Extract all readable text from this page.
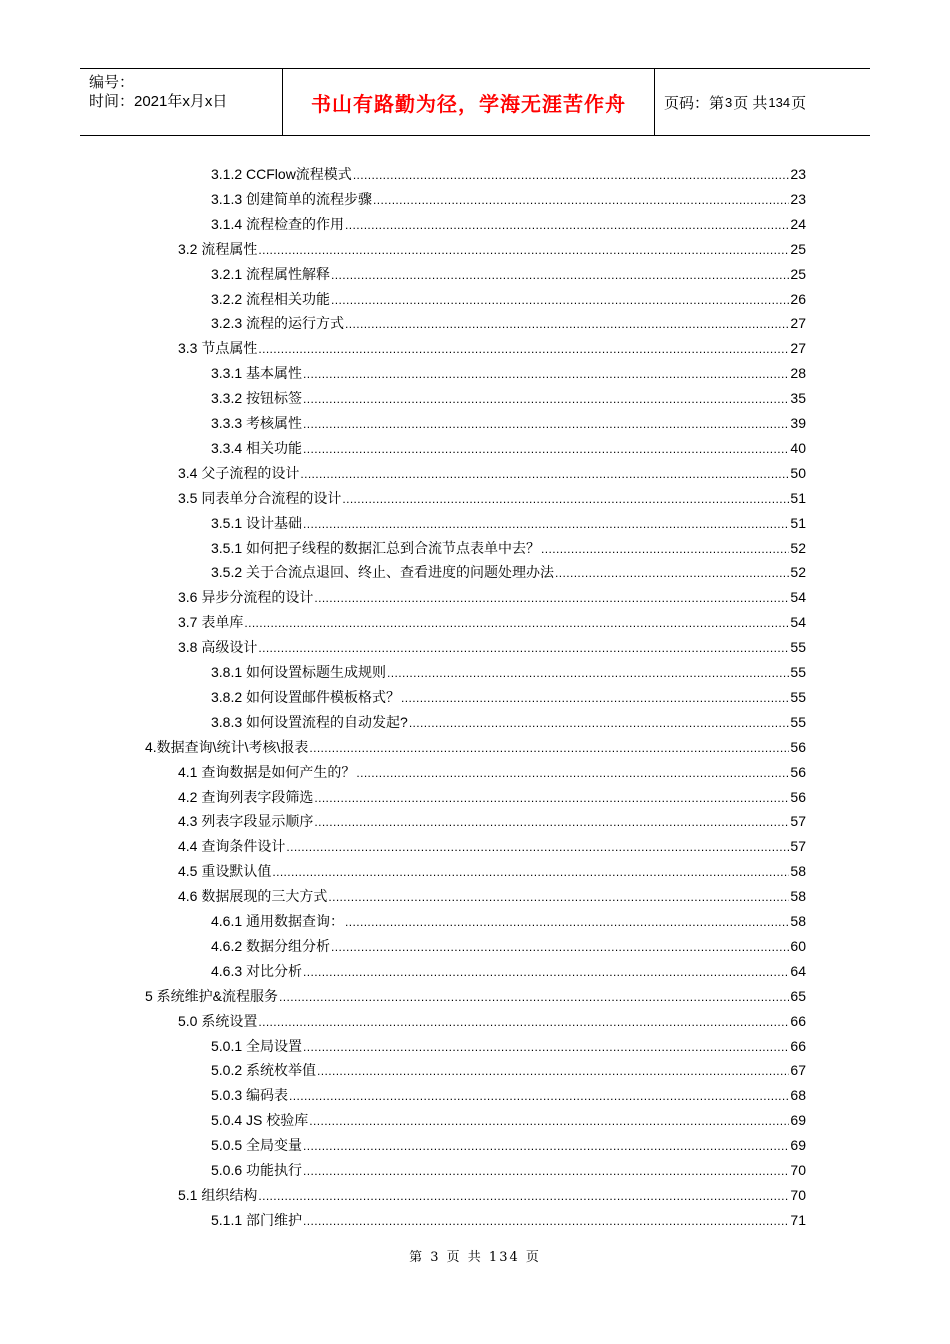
编号：
时间：2021年x月x日	书山有路勤为径，学海无涯苦作舟	页码：第 3 页 共 134 页
3.1.2 CCFlow流程模式 .....	23
3.1.3 创建简单的流程步骤 .....	23
3.1.4 流程检查的作用 .....	24
3.2 流程属性 .....	25
3.2.1 流程属性解释 .....	25
3.2.2 流程相关功能 .....	26
3.2.3 流程的运行方式 .....	27
3.3 节点属性 .....	27
3.3.1 基本属性 .....	28
3.3.2 按钮标签 .....	35
3.3.3 考核属性 .....	39
3.3.4 相关功能 .....	40
3.4 父子流程的设计 .....	50
3.5 同表单分合流程的设计 .....	51
3.5.1 设计基础 .....	51
3.5.1 如何把子线程的数据汇总到合流节点表单中去？ .....	52
3.5.2 关于合流点退回、终止、查看进度的问题处理办法 .....	52
3.6 异步分流程的设计 .....	54
3.7 表单库 .....	54
3.8 高级设计 .....	55
3.8.1 如何设置标题生成规则 .....	55
3.8.2 如何设置邮件模板格式？ .....	55
3.8.3 如何设置流程的自动发起? .....	55
4.数据查询\统计\考核\报表 .....	56
4.1 查询数据是如何产生的？ .....	56
4.2 查询列表字段筛选 .....	56
4.3 列表字段显示顺序 .....	57
4.4 查询条件设计 .....	57
4.5 重设默认值 .....	58
4.6 数据展现的三大方式 .....	58
4.6.1 通用数据查询： .....	58
4.6.2 数据分组分析 .....	60
4.6.3 对比分析 .....	64
5 系统维护&流程服务 .....	65
5.0 系统设置 .....	66
5.0.1 全局设置 .....	66
5.0.2 系统枚举值 .....	67
5.0.3 编码表 .....	68
5.0.4 JS 校验库 .....	69
5.0.5 全局变量 .....	69
5.0.6 功能执行 .....	70
5.1 组织结构 .....	70
5.1.1 部门维护 .....	71
第 3 页 共 134 页
